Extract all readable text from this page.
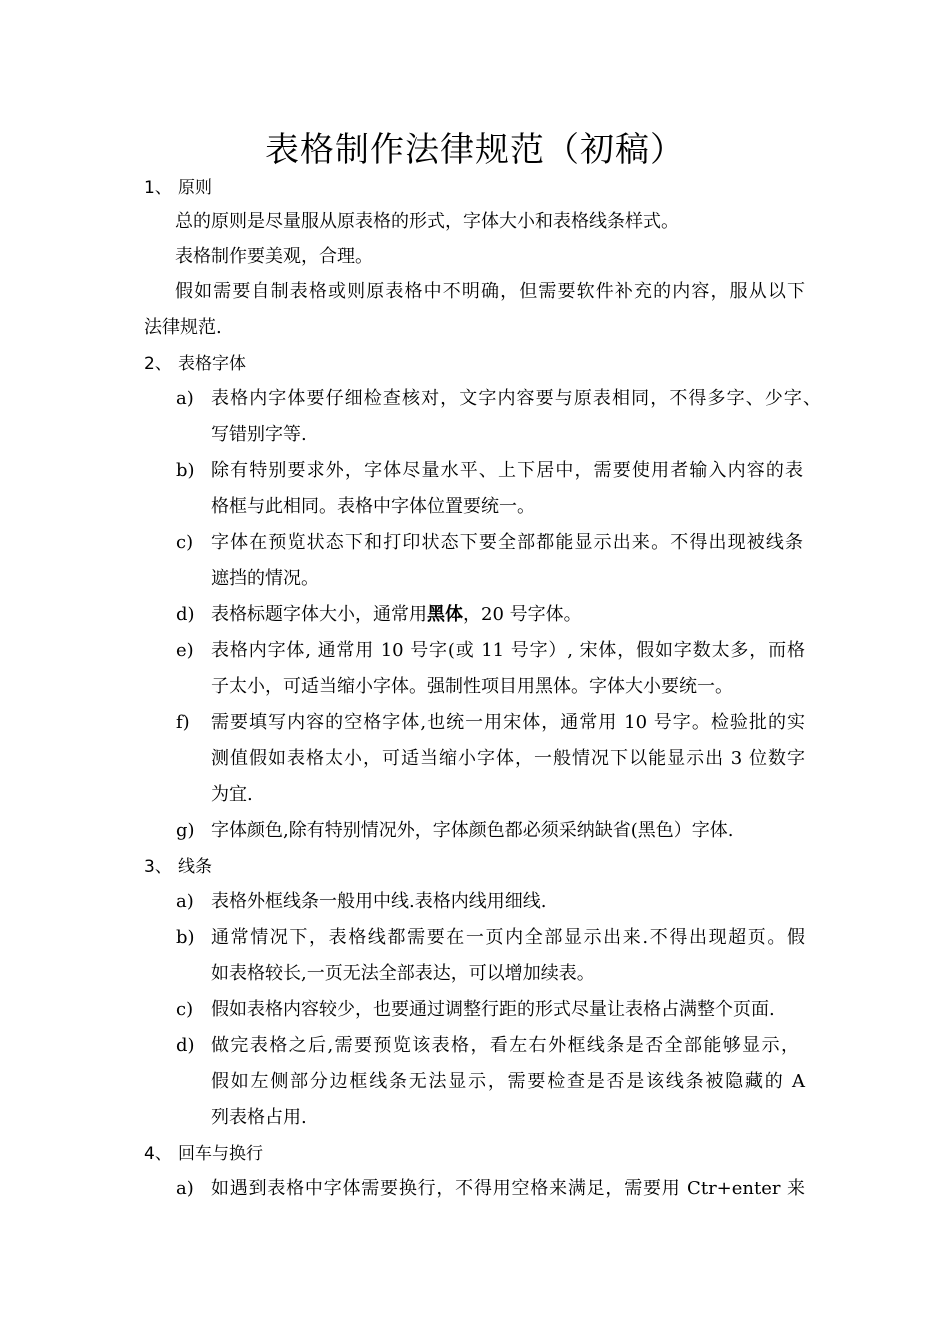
表格制作法律规范（初稿）
1、 原则
总的原则是尽量服从原表格的形式，字体大小和表格线条样式。
表格制作要美观，合理。
假如需要自制表格或则原表格中不明确，但需要软件补充的内容，服从以下
法律规范.
2、 表格字体
a) 表格内字体要仔细检查核对，文字内容要与原表相同，不得多字、少字、
写错别字等.
b) 除有特别要求外，字体尽量水平、上下居中，需要使用者输入内容的表
格框与此相同。表格中字体位置要统一。
c) 字体在预览状态下和打印状态下要全部都能显示出来。不得出现被线条
遮挡的情况。
d) 表格标题字体大小，通常用黑体，20 号字体。
e) 表格内字体, 通常用 10 号字(或 11 号字）, 宋体，假如字数太多，而格
子太小，可适当缩小字体。强制性项目用黑体。字体大小要统一。
f) 需要填写内容的空格字体,也统一用宋体，通常用 10 号字。检验批的实
测值假如表格太小，可适当缩小字体，一般情况下以能显示出 3 位数字
为宜.
g) 字体颜色,除有特别情况外，字体颜色都必须采纳缺省(黑色）字体.
3、 线条
a) 表格外框线条一般用中线.表格内线用细线.
b) 通常情况下，表格线都需要在一页内全部显示出来.不得出现超页。假
如表格较长,一页无法全部表达，可以增加续表。
c) 假如表格内容较少，也要通过调整行距的形式尽量让表格占满整个页面.
d) 做完表格之后,需要预览该表格，看左右外框线条是否全部能够显示，
假如左侧部分边框线条无法显示，需要检查是否是该线条被隐藏的 A
列表格占用.
4、 回车与换行
a) 如遇到表格中字体需要换行，不得用空格来满足，需要用 Ctr+enter 来
